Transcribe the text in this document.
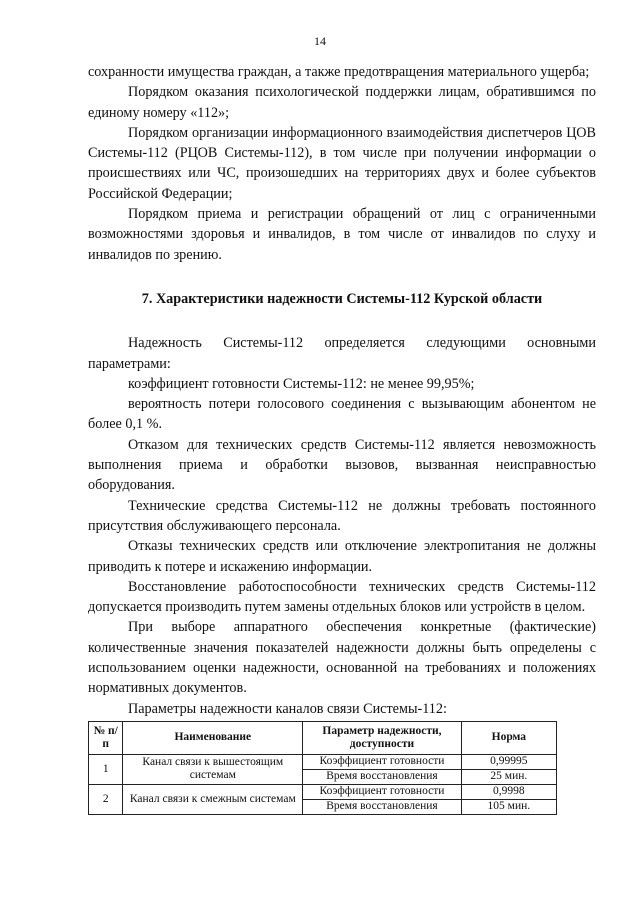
14

сохранности имущества граждан, а также предотвращения материального ущерба;

Порядком оказания психологической поддержки лицам, обратившимся по единому номеру «112»;

Порядком организации информационного взаимодействия диспетчеров ЦОВ Системы-112 (РЦОВ Системы-112), в том числе при получении информации о происшествиях или ЧС, произошедших на территориях двух и более субъектов Российской Федерации;

Порядком приема и регистрации обращений от лиц с ограниченными возможностями здоровья и инвалидов, в том числе от инвалидов по слуху и инвалидов по зрению.

7. Характеристики надежности Системы-112 Курской области

Надежность Системы-112 определяется следующими основными параметрами:

коэффициент готовности Системы-112: не менее 99,95%;

вероятность потери голосового соединения с вызывающим абонентом не более 0,1 %.

Отказом для технических средств Системы-112 является невозможность выполнения приема и обработки вызовов, вызванная неисправностью оборудования.

Технические средства Системы-112 не должны требовать постоянного присутствия обслуживающего персонала.

Отказы технических средств или отключение электропитания не должны приводить к потере и искажению информации.

Восстановление работоспособности технических средств Системы-112 допускается производить путем замены отдельных блоков или устройств в целом.

При выборе аппаратного обеспечения конкретные (фактические) количественные значения показателей надежности должны быть определены с использованием оценки надежности, основанной на требованиях и положениях нормативных документов.

Параметры надежности каналов связи Системы-112:

№ п/п	Наименование	Параметр надежности, доступности	Норма
1	Канал связи к вышестоящим системам	Коэффициент готовности	0,99995
		Время восстановления	25 мин.
2	Канал связи к смежным системам	Коэффициент готовности	0,9998
		Время восстановления	105 мин.
